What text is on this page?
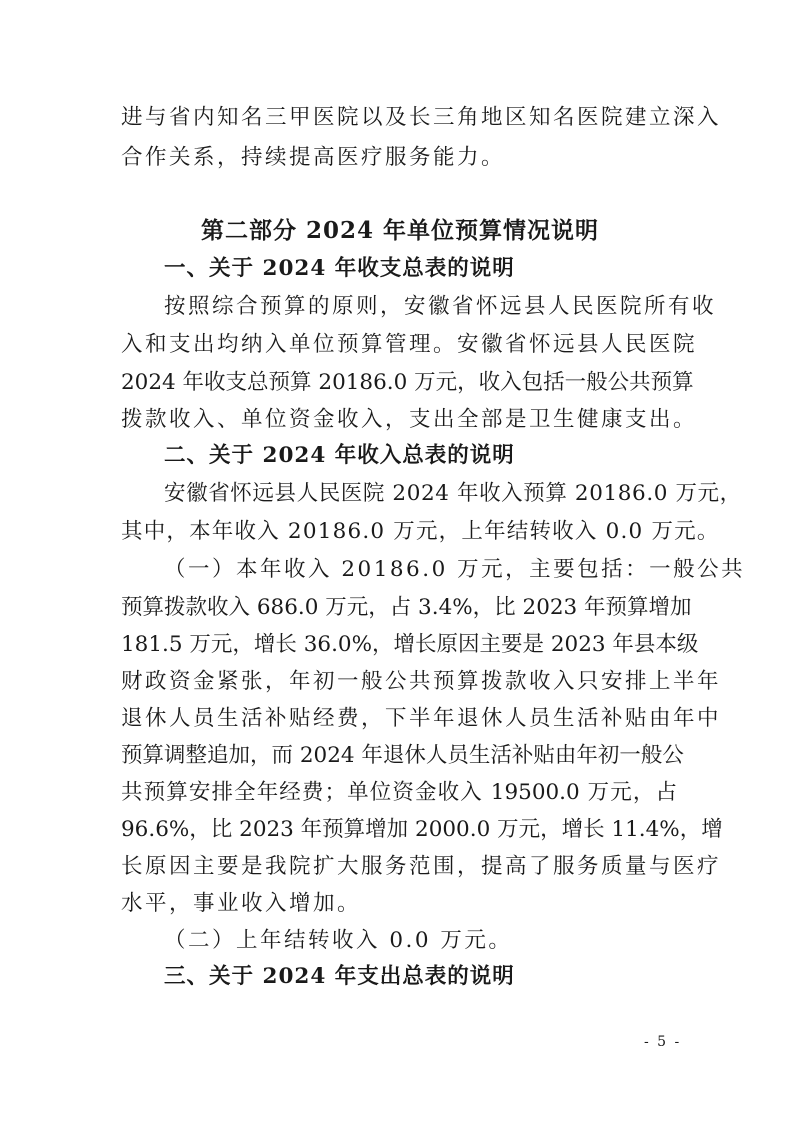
进与省内知名三甲医院以及长三角地区知名医院建立深入
合作关系，持续提高医疗服务能力。
第二部分 2024 年单位预算情况说明
一、关于 2024 年收支总表的说明
按照综合预算的原则，安徽省怀远县人民医院所有收
入和支出均纳入单位预算管理。安徽省怀远县人民医院
2024 年收支总预算 20186.0 万元，收入包括一般公共预算
拨款收入、单位资金收入，支出全部是卫生健康支出。
二、关于 2024 年收入总表的说明
安徽省怀远县人民医院 2024 年收入预算 20186.0 万元，
其中，本年收入 20186.0 万元，上年结转收入 0.0 万元。
（一）本年收入 20186.0 万元，主要包括：一般公共
预算拨款收入 686.0 万元，占 3.4%，比 2023 年预算增加
181.5 万元，增长 36.0%，增长原因主要是 2023 年县本级
财政资金紧张，年初一般公共预算拨款收入只安排上半年
退休人员生活补贴经费，下半年退休人员生活补贴由年中
预算调整追加，而 2024 年退休人员生活补贴由年初一般公
共预算安排全年经费；单位资金收入 19500.0 万元，占
96.6%，比 2023 年预算增加 2000.0 万元，增长 11.4%，增
长原因主要是我院扩大服务范围，提高了服务质量与医疗
水平，事业收入增加。
（二）上年结转收入 0.0 万元。
三、关于 2024 年支出总表的说明
- 5 -
